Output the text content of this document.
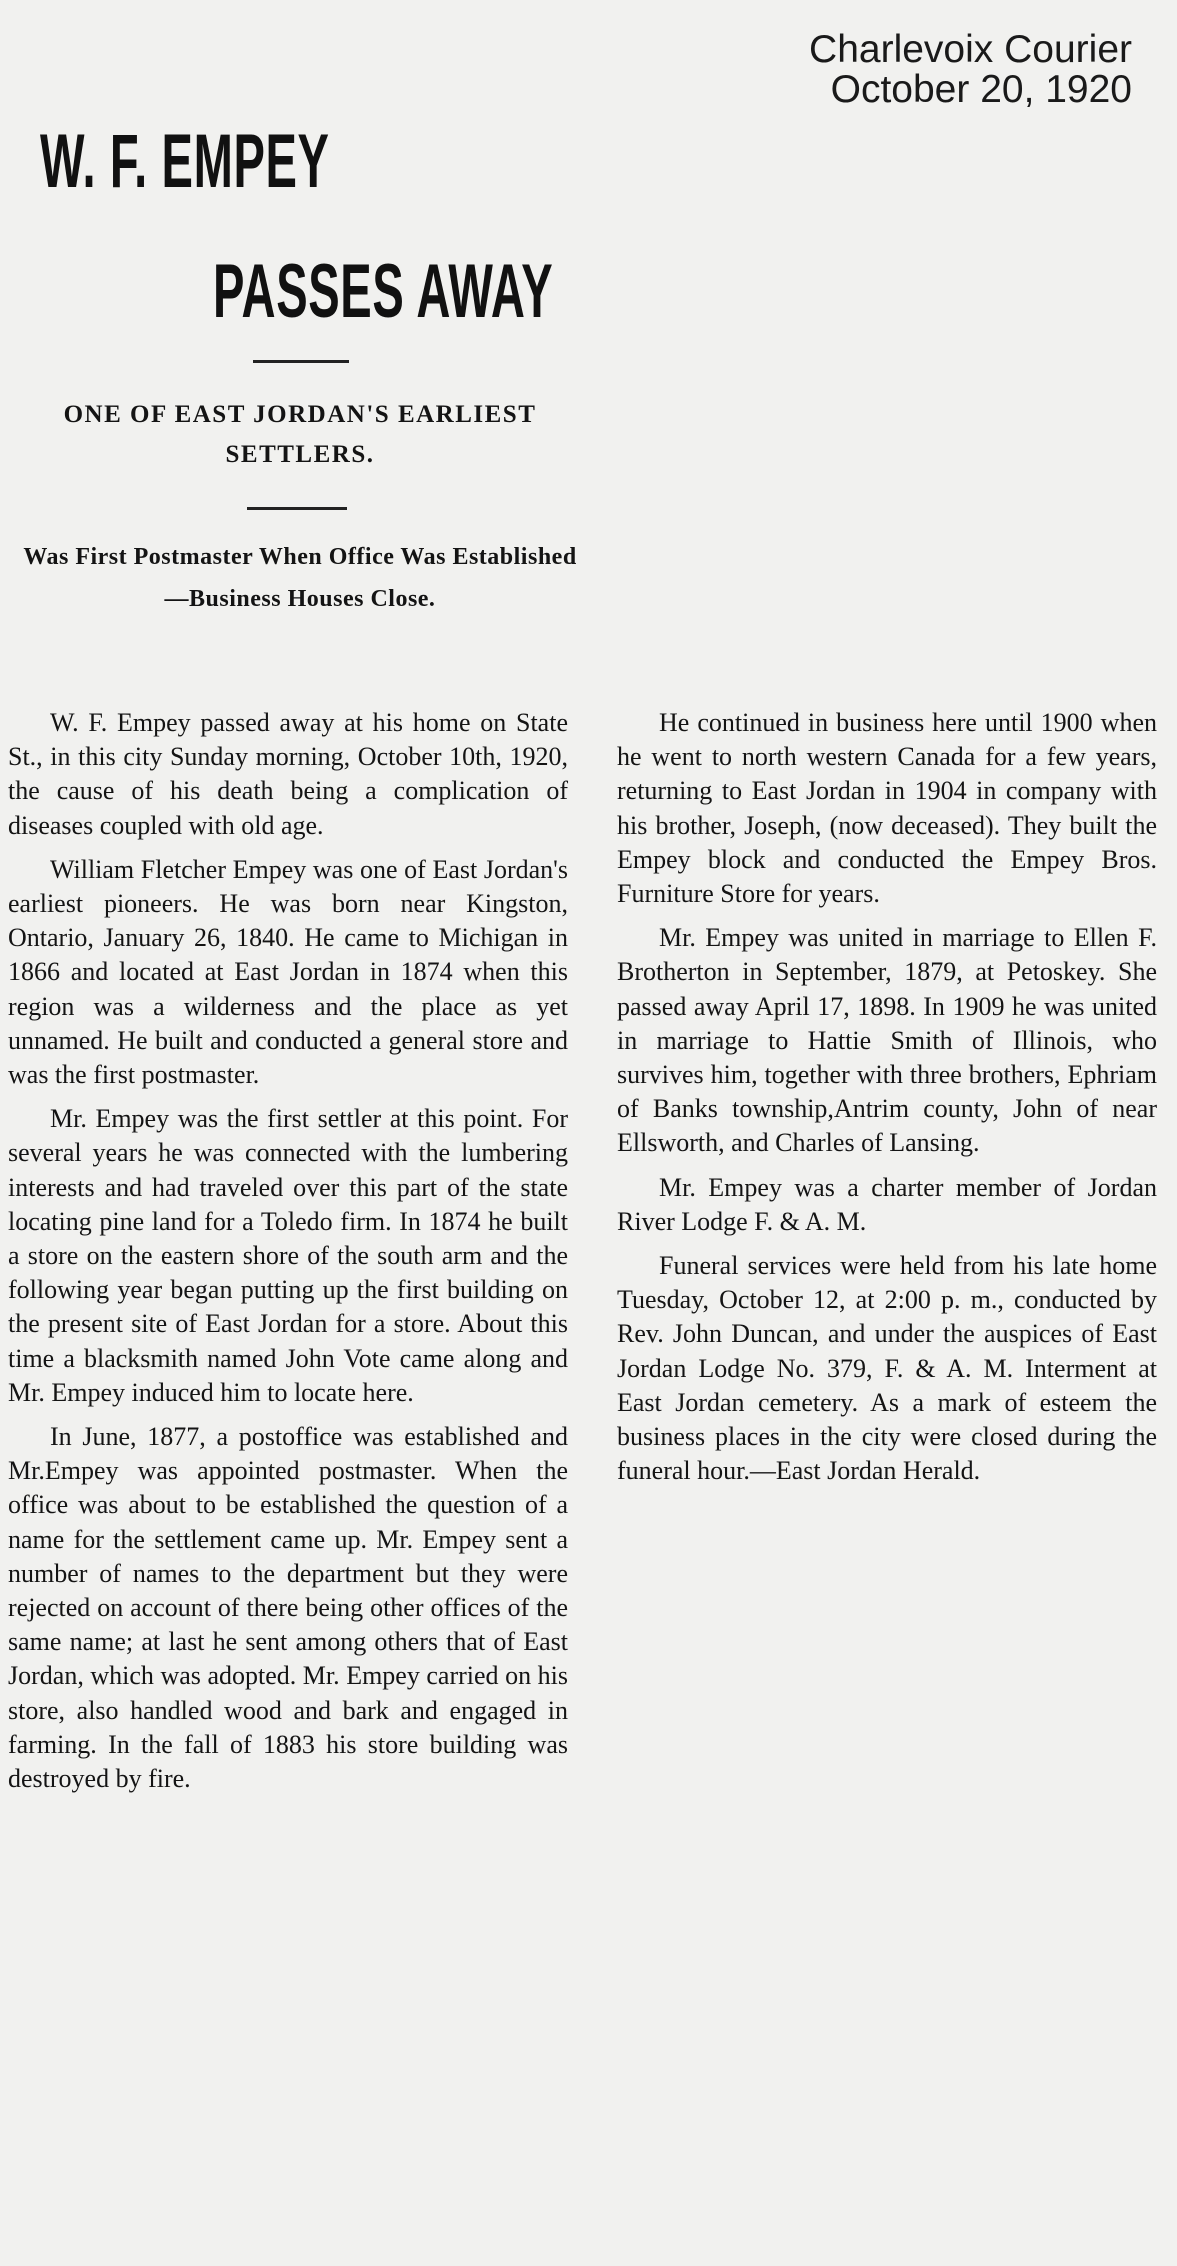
Charlevoix Courier
October 20, 1920
W. F. EMPEY
PASSES AWAY
ONE OF EAST JORDAN'S EARLIEST SETTLERS.
Was First Postmaster When Office Was Established—Business Houses Close.

W. F. Empey passed away at his home on State St., in this city Sunday morning, October 10th, 1920, the cause of his death being a complication of diseases coupled with old age.

William Fletcher Empey was one of East Jordan's earliest pioneers. He was born near Kingston, Ontario, January 26, 1840. He came to Michigan in 1866 and located at East Jordan in 1874 when this region was a wilderness and the place as yet unnamed. He built and conducted a general store and was the first postmaster.

Mr. Empey was the first settler at this point. For several years he was connected with the lumbering interests and had traveled over this part of the state locating pine land for a Toledo firm. In 1874 he built a store on the eastern shore of the south arm and the following year began putting up the first building on the present site of East Jordan for a store. About this time a blacksmith named John Vote came along and Mr. Empey induced him to locate here.

In June, 1877, a postoffice was established and Mr.Empey was appointed postmaster. When the office was about to be established the question of a name for the settlement came up. Mr. Empey sent a number of names to the department but they were rejected on account of there being other offices of the same name; at last he sent among others that of East Jordan, which was adopted. Mr. Empey carried on his store, also handled wood and bark and engaged in farming. In the fall of 1883 his store building was destroyed by fire.

He continued in business here until 1900 when he went to north western Canada for a few years, returning to East Jordan in 1904 in company with his brother, Joseph, (now deceased). They built the Empey block and conducted the Empey Bros. Furniture Store for years.

Mr. Empey was united in marriage to Ellen F. Brotherton in September, 1879, at Petoskey. She passed away April 17, 1898. In 1909 he was united in marriage to Hattie Smith of Illinois, who survives him, together with three brothers, Ephriam of Banks township,Antrim county, John of near Ellsworth, and Charles of Lansing.

Mr. Empey was a charter member of Jordan River Lodge F. & A. M.

Funeral services were held from his late home Tuesday, October 12, at 2:00 p. m., conducted by Rev. John Duncan, and under the auspices of East Jordan Lodge No. 379, F. & A. M. Interment at East Jordan cemetery. As a mark of esteem the business places in the city were closed during the funeral hour.—East Jordan Herald.
